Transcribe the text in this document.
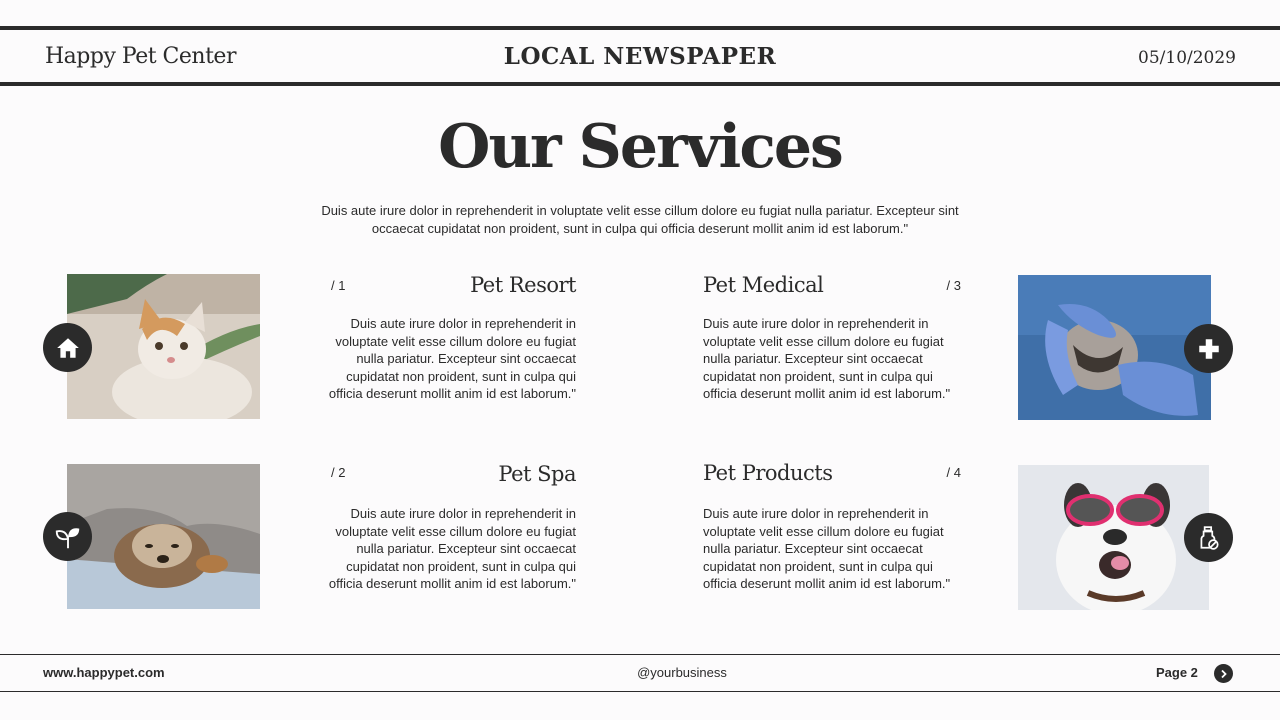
Happy Pet Center	LOCAL NEWSPAPER	05/10/2029
Our Services
Duis aute irure dolor in reprehenderit in voluptate velit esse cillum dolore eu fugiat nulla pariatur. Excepteur sint occaecat cupidatat non proident, sunt in culpa qui officia deserunt mollit anim id est laborum."
/ 1	Pet Resort
Duis aute irure dolor in reprehenderit in voluptate velit esse cillum dolore eu fugiat nulla pariatur. Excepteur sint occaecat cupidatat non proident, sunt in culpa qui officia deserunt mollit anim id est laborum."
/ 2	Pet Spa
Duis aute irure dolor in reprehenderit in voluptate velit esse cillum dolore eu fugiat nulla pariatur. Excepteur sint occaecat cupidatat non proident, sunt in culpa qui officia deserunt mollit anim id est laborum."
/ 3
Pet Medical
Duis aute irure dolor in reprehenderit in voluptate velit esse cillum dolore eu fugiat nulla pariatur. Excepteur sint occaecat cupidatat non proident, sunt in culpa qui officia deserunt mollit anim id est laborum."
/ 4
Pet Products
Duis aute irure dolor in reprehenderit in voluptate velit esse cillum dolore eu fugiat nulla pariatur. Excepteur sint occaecat cupidatat non proident, sunt in culpa qui officia deserunt mollit anim id est laborum."
www.happypet.com	@yourbusiness	Page 2
